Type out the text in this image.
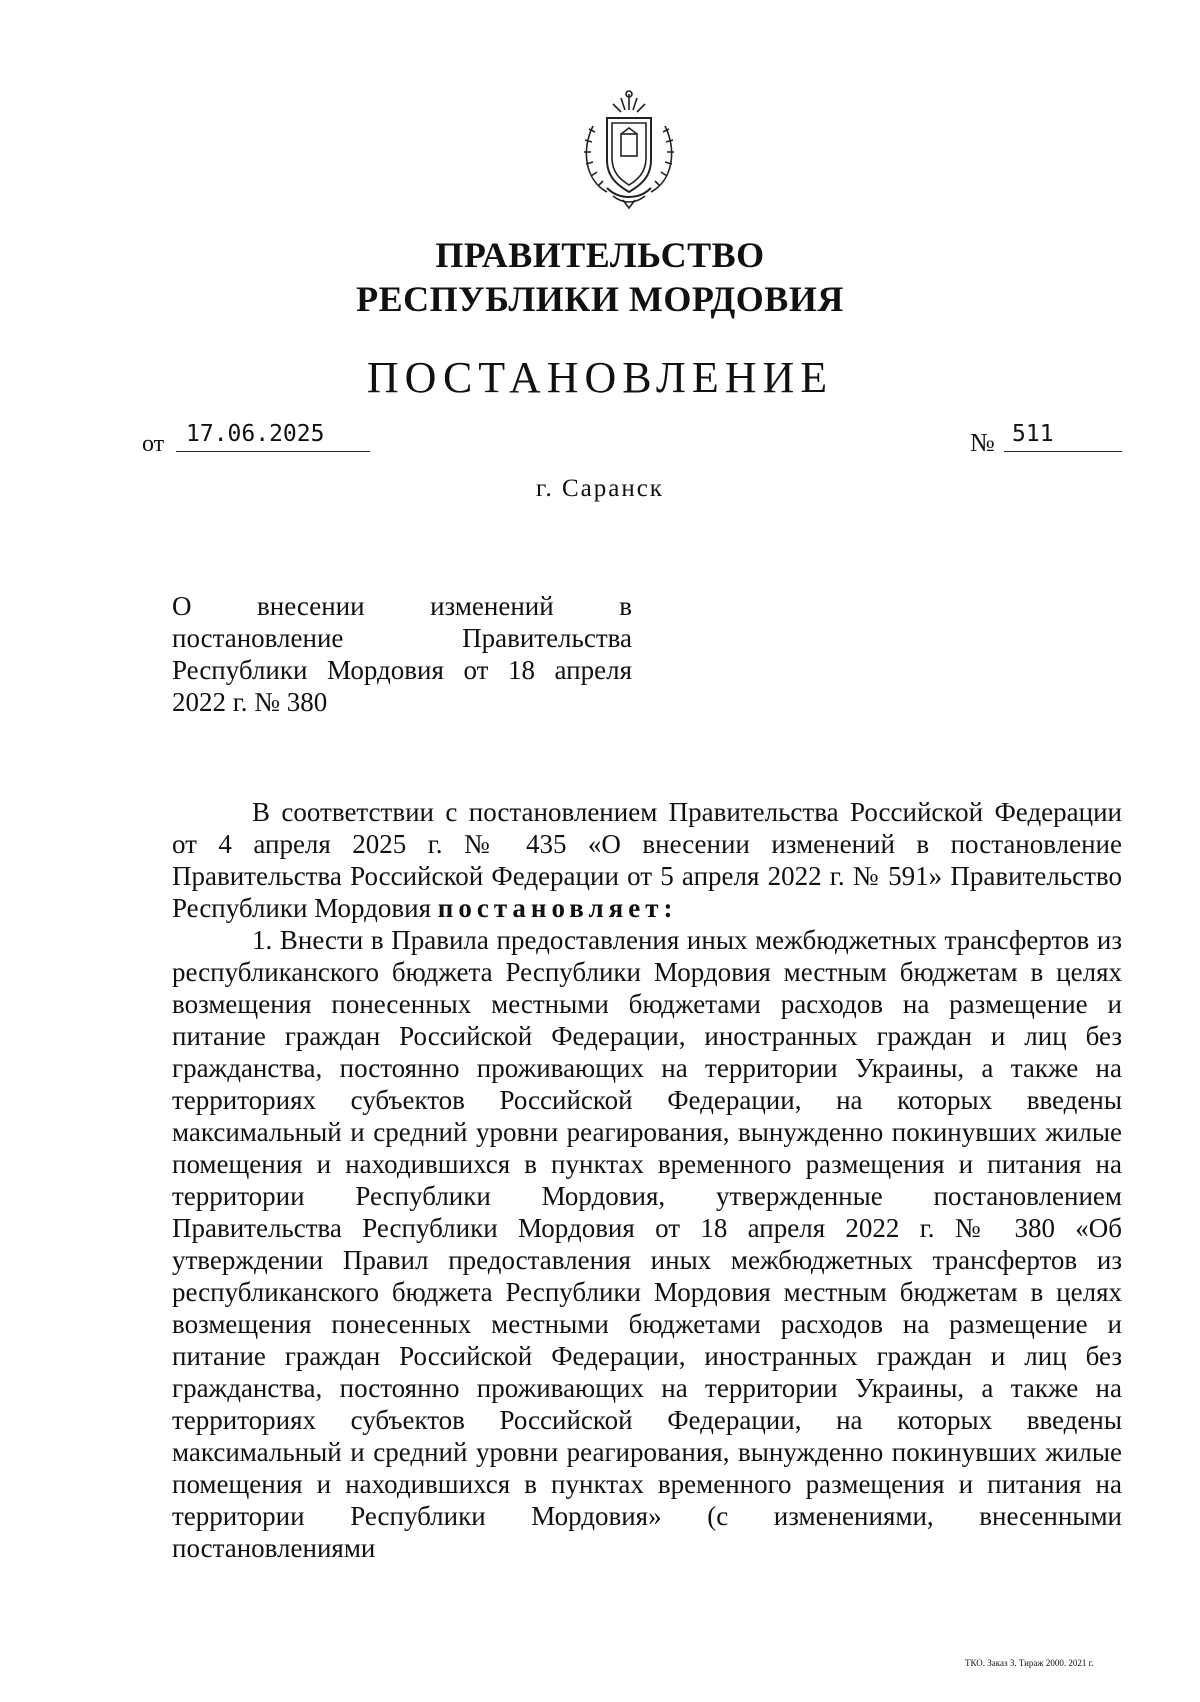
ПРАВИТЕЛЬСТВО
РЕСПУБЛИКИ МОРДОВИЯ
ПОСТАНОВЛЕНИЕ
от 17.06.2025	№ 511
г. Саранск
О внесении изменений в постановление Правительства Республики Мордовия от 18 апреля 2022 г. № 380

В соответствии с постановлением Правительства Российской Федерации от 4 апреля 2025 г. № 435 «О внесении изменений в постановление Правительства Российской Федерации от 5 апреля 2022 г. № 591» Правительство Республики Мордовия постановляет:

1. Внести в Правила предоставления иных межбюджетных трансфертов из республиканского бюджета Республики Мордовия местным бюджетам в целях возмещения понесенных местными бюджетами расходов на размещение и питание граждан Российской Федерации, иностранных граждан и лиц без гражданства, постоянно проживающих на территории Украины, а также на территориях субъектов Российской Федерации, на которых введены максимальный и средний уровни реагирования, вынужденно покинувших жилые помещения и находившихся в пунктах временного размещения и питания на территории Республики Мордовия, утвержденные постановлением Правительства Республики Мордовия от 18 апреля 2022 г. № 380 «Об утверждении Правил предоставления иных межбюджетных трансфертов из республиканского бюджета Республики Мордовия местным бюджетам в целях возмещения понесенных местными бюджетами расходов на размещение и питание граждан Российской Федерации, иностранных граждан и лиц без гражданства, постоянно проживающих на территории Украины, а также на территориях субъектов Российской Федерации, на которых введены максимальный и средний уровни реагирования, вынужденно покинувших жилые помещения и находившихся в пунктах временного размещения и питания на территории Республики Мордовия» (с изменениями, внесенными постановлениями

ТКО. Заказ 3. Тираж 2000. 2021 г.
